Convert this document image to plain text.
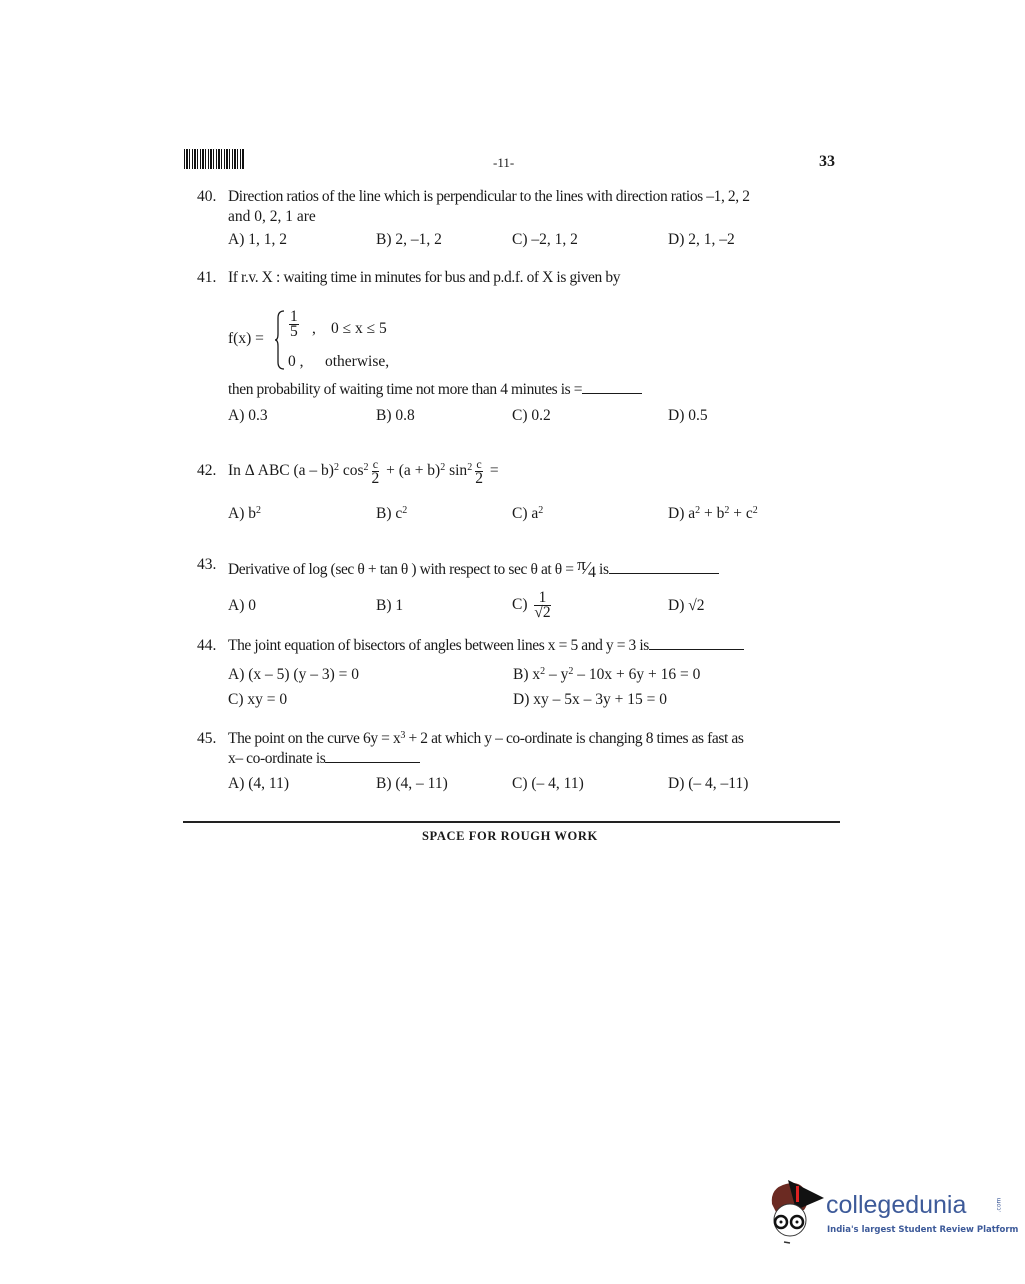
-11-	33
40. Direction ratios of the line which is perpendicular to the lines with direction ratios –1, 2, 2
and 0, 2, 1 are
A) 1, 1, 2	B) 2, –1, 2	C) –2, 1, 2	D) 2, 1, –2
41. If r.v. X : waiting time in minutes for bus and p.d.f. of X is given by
$f(x) = \frac{1}{5}$ , 0 ≤ x ≤ 5
0 , otherwise,
then probability of waiting time not more than 4 minutes is =
A) 0.3	B) 0.8	C) 0.2	D) 0.5
42. In Δ ABC (a – b)$^2$ $\cos^2 \frac{c}{2} + (a + b)^2$ $\sin^2 \frac{c}{2}$ =
A) $b^2$	B) $c^2$	C) $a^2$	D) $a^2 + b^2 + c^2$
43. Derivative of log (sec θ + tan θ ) with respect to sec θ at θ = π⁄4 is
A) 0	B) 1	$C) \frac{1}{√2}$	D) √2
44. The joint equation of bisectors of angles between lines x = 5 and y = 3 is
A) (x – 5) (y – 3) = 0	B) $x^2 - y^2 - 10x + 6y + 16 = 0$
C) xy = 0	D) xy – 5x – 3y + 15 = 0
45. The point on the curve $6y = x^3 + 2$ at which y – co-ordinate is changing 8 times as fast as
x– co-ordinate is
A) (4, 11)	B) (4, – 11)	C) (– 4, 11)	D) (– 4, –11)
SPACE FOR ROUGH WORK
collegedunia	.com
India's largest Student Review Platform
